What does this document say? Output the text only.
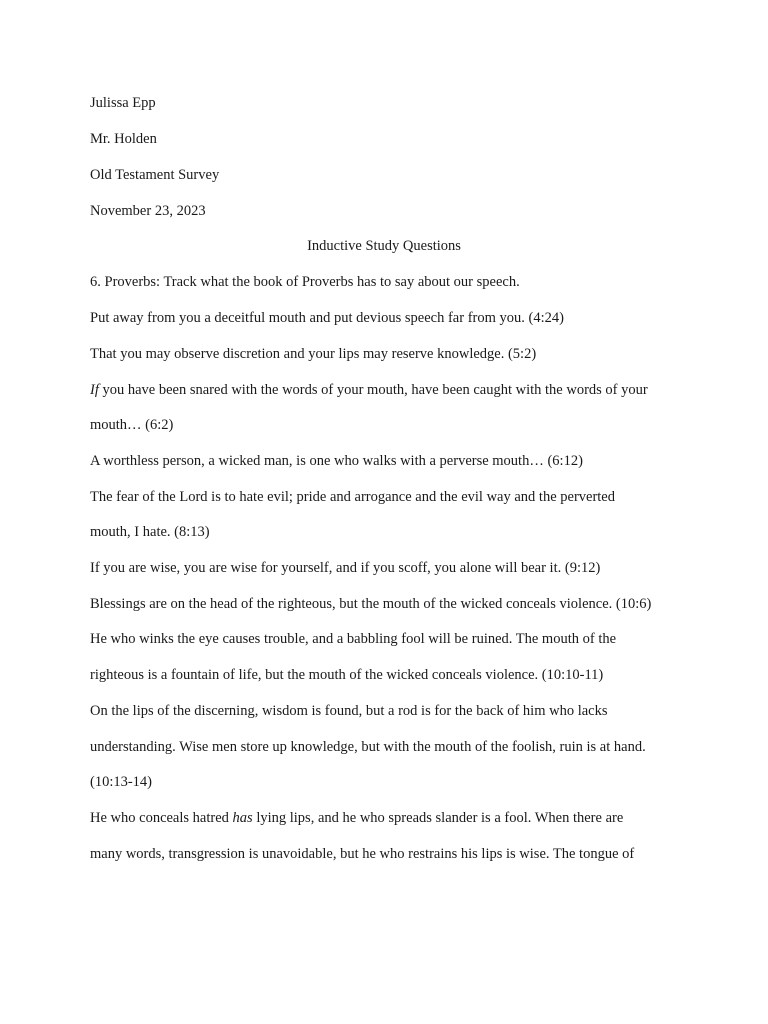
Julissa Epp
Mr. Holden
Old Testament Survey
November 23, 2023
Inductive Study Questions
6. Proverbs: Track what the book of Proverbs has to say about our speech.
Put away from you a deceitful mouth and put devious speech far from you. (4:24)
That you may observe discretion and your lips may reserve knowledge. (5:2)
If you have been snared with the words of your mouth, have been caught with the words of your
mouth… (6:2)
A worthless person, a wicked man, is one who walks with a perverse mouth… (6:12)
The fear of the Lord is to hate evil; pride and arrogance and the evil way and the perverted
mouth, I hate. (8:13)
If you are wise, you are wise for yourself, and if you scoff, you alone will bear it. (9:12)
Blessings are on the head of the righteous, but the mouth of the wicked conceals violence. (10:6)
He who winks the eye causes trouble, and a babbling fool will be ruined. The mouth of the
righteous is a fountain of life, but the mouth of the wicked conceals violence. (10:10-11)
On the lips of the discerning, wisdom is found, but a rod is for the back of him who lacks
understanding. Wise men store up knowledge, but with the mouth of the foolish, ruin is at hand.
(10:13-14)
He who conceals hatred has lying lips, and he who spreads slander is a fool. When there are
many words, transgression is unavoidable, but he who restrains his lips is wise. The tongue of
